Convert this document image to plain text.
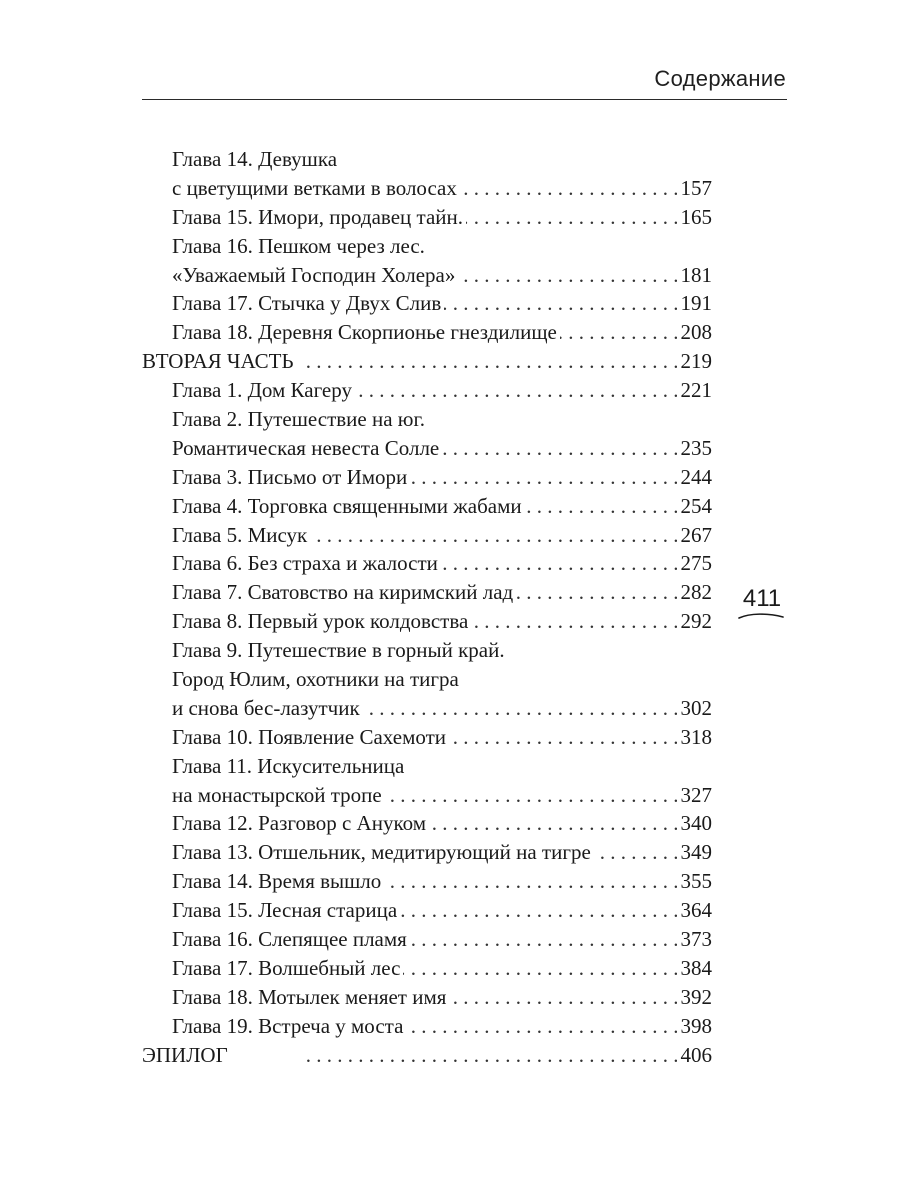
Содержание
Глава 14. Девушка
. . .
с цветущими ветками в волосах	157
. . .
Глава 15. Имори, продавец тайн.	165
Глава 16. Пешком через лес.
. . .
«Уважаемый Господин Холера»	181
. . .
Глава 17. Стычка у Двух Слив	191
. . .
Глава 18. Деревня Скорпионье гнездилище	208
. . .
ВТОРАЯ ЧАСТЬ	219
. . .
Глава 1. Дом Кагеру	221
Глава 2. Путешествие на юг.
. . .
Романтическая невеста Солле	235
. . .
Глава 3. Письмо от Имори	244
. . .
Глава 4. Торговка священными жабами	254
. . .
Глава 5. Мисук	267
. . .
Глава 6. Без страха и жалости	275
. . .
Глава 7. Сватовство на киримский лад	282
. . .
Глава 8. Первый урок колдовства	292
Глава 9. Путешествие в горный край.
Город Юлим, охотники на тигра
. . .
и снова бес-лазутчик	302
. . .
Глава 10. Появление Сахемоти	318
Глава 11. Искусительница
. . .
на монастырской тропе	327
. . .
Глава 12. Разговор с Ануком	340
. . .
Глава 13. Отшельник, медитирующий на тигре	349
. . .
Глава 14. Время вышло	355
. . .
Глава 15. Лесная старица	364
. . .
Глава 16. Слепящее пламя	373
. . .
Глава 17. Волшебный лес	384
. . .
Глава 18. Мотылек меняет имя	392
. . .
Глава 19. Встреча у моста	398
. . .
ЭПИЛОГ	406
411
